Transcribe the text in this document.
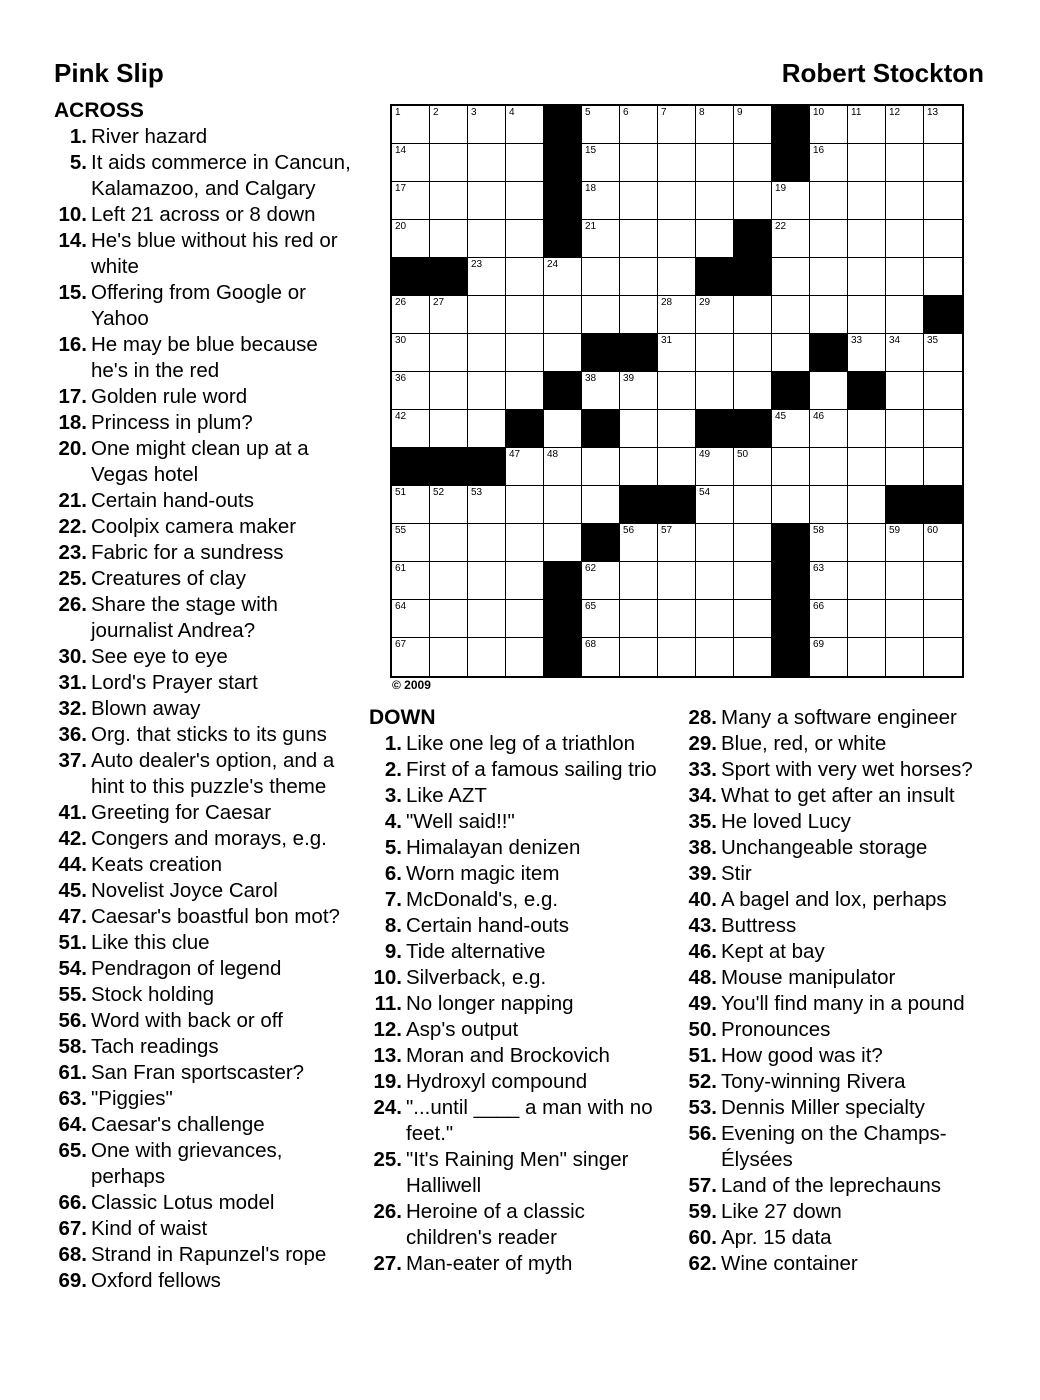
Pink Slip	Robert Stockton
1	2	3	4	5	6	7	8	9	10	11	12	13
14	15	16
17	18	19
20	21	22
23	24	25
26	27	28	29
30	31	32	33	34	35
36	37	38	39	40	41
42	43	44	45	46
47	48	49	50
51	52	53	54
55	56	57	58	59	60
61	62	63
64	65	66
67	68	69
© 2009
ACROSS
1. River hazard
5. It aids commerce in Cancun, Kalamazoo, and Calgary
10. Left 21 across or 8 down
14. He's blue without his red or white
15. Offering from Google or Yahoo
16. He may be blue because he's in the red
17. Golden rule word
18. Princess in plum?
20. One might clean up at a Vegas hotel
21. Certain hand-outs
22. Coolpix camera maker
23. Fabric for a sundress
25. Creatures of clay
26. Share the stage with journalist Andrea?
30. See eye to eye
31. Lord's Prayer start
32. Blown away
36. Org. that sticks to its guns
37. Auto dealer's option, and a hint to this puzzle's theme
41. Greeting for Caesar
42. Congers and morays, e.g.
44. Keats creation
45. Novelist Joyce Carol
47. Caesar's boastful bon mot?
51. Like this clue
54. Pendragon of legend
55. Stock holding
56. Word with back or off
58. Tach readings
61. San Fran sportscaster?
63. "Piggies"
64. Caesar's challenge
65. One with grievances, perhaps
66. Classic Lotus model
67. Kind of waist
68. Strand in Rapunzel's rope
69. Oxford fellows
DOWN
1. Like one leg of a triathlon
2. First of a famous sailing trio
3. Like AZT
4. "Well said!!"
5. Himalayan denizen
6. Worn magic item
7. McDonald's, e.g.
8. Certain hand-outs
9. Tide alternative
10. Silverback, e.g.
11. No longer napping
12. Asp's output
13. Moran and Brockovich
19. Hydroxyl compound
24. "...until ____ a man with no feet."
25. "It's Raining Men" singer Halliwell
26. Heroine of a classic children's reader
27. Man-eater of myth
28. Many a software engineer
29. Blue, red, or white
33. Sport with very wet horses?
34. What to get after an insult
35. He loved Lucy
38. Unchangeable storage
39. Stir
40. A bagel and lox, perhaps
43. Buttress
46. Kept at bay
48. Mouse manipulator
49. You'll find many in a pound
50. Pronounces
51. How good was it?
52. Tony-winning Rivera
53. Dennis Miller specialty
56. Evening on the Champs-Élysées
57. Land of the leprechauns
59. Like 27 down
60. Apr. 15 data
62. Wine container
